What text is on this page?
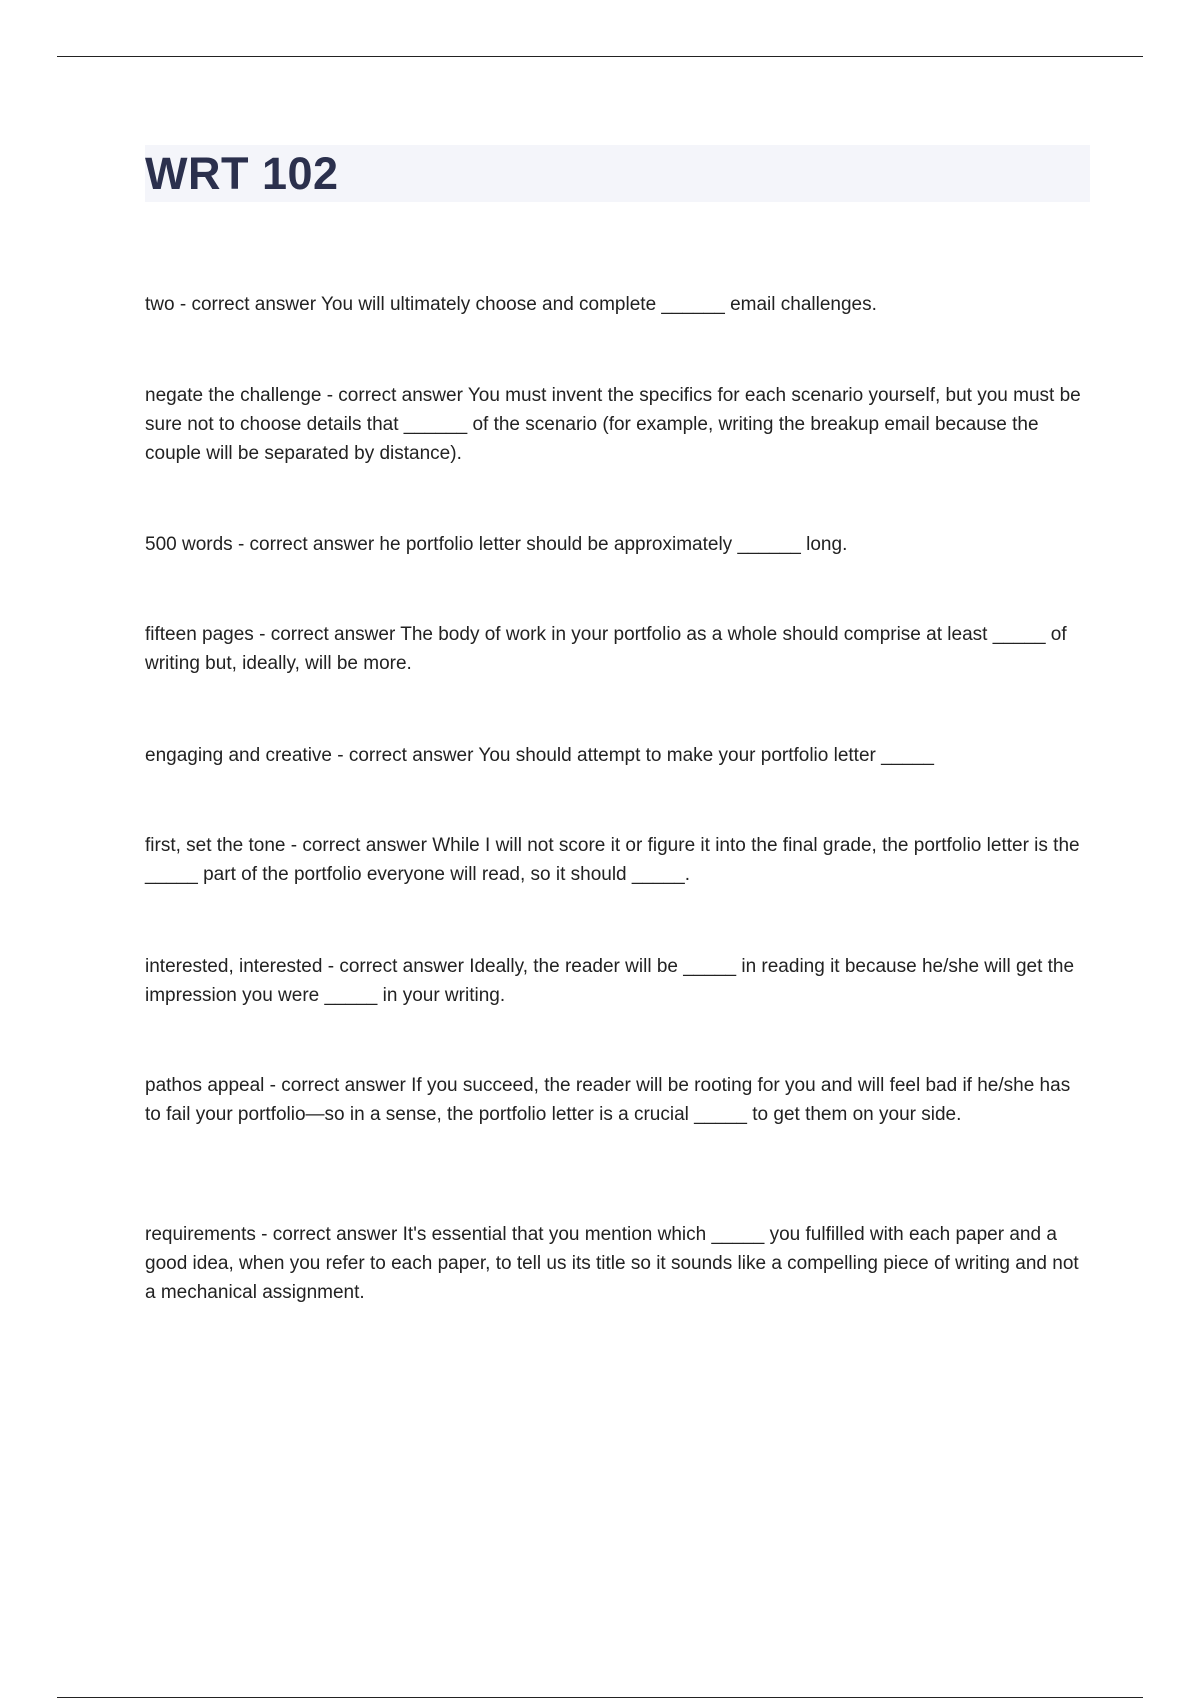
WRT 102
two - correct answer You will ultimately choose and complete ______ email challenges.
negate the challenge - correct answer You must invent the specifics for each scenario yourself, but you must be sure not to choose details that ______ of the scenario (for example, writing the breakup email because the couple will be separated by distance).
500 words - correct answer he portfolio letter should be approximately ______ long.
fifteen pages - correct answer The body of work in your portfolio as a whole should comprise at least _____ of writing but, ideally, will be more.
engaging and creative - correct answer You should attempt to make your portfolio letter _____
first, set the tone - correct answer While I will not score it or figure it into the final grade, the portfolio letter is the _____ part of the portfolio everyone will read, so it should _____.
interested, interested - correct answer Ideally, the reader will be _____ in reading it because he/she will get the impression you were _____ in your writing.
pathos appeal - correct answer If you succeed, the reader will be rooting for you and will feel bad if he/she has to fail your portfolio—so in a sense, the portfolio letter is a crucial _____ to get them on your side.
requirements - correct answer It's essential that you mention which _____ you fulfilled with each paper and a good idea, when you refer to each paper, to tell us its title so it sounds like a compelling piece of writing and not a mechanical assignment.
